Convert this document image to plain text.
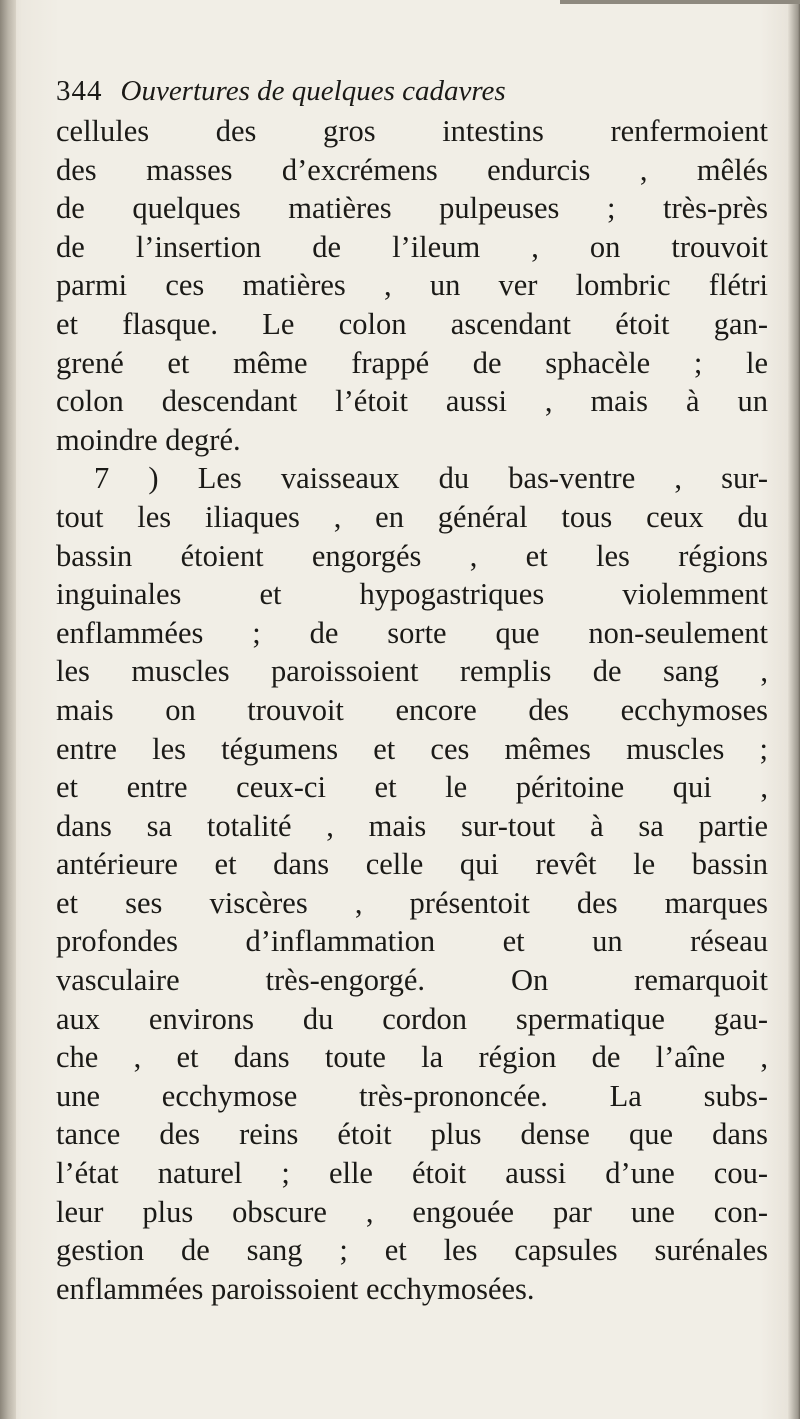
344 Ouvertures de quelques cadavres
cellules des gros intestins renfermoient
des masses d’excrémens endurcis , mêlés
de quelques matières pulpeuses ; très-près
de l’insertion de l’ileum , on trouvoit
parmi ces matières , un ver lombric flétri
et flasque. Le colon ascendant étoit gan-
grené et même frappé de sphacèle ; le
colon descendant l’étoit aussi , mais à un
moindre degré.
7 ) Les vaisseaux du bas-ventre , sur-
tout les iliaques , en général tous ceux du
bassin étoient engorgés , et les régions
inguinales et hypogastriques violemment
enflammées ; de sorte que non-seulement
les muscles paroissoient remplis de sang ,
mais on trouvoit encore des ecchymoses
entre les tégumens et ces mêmes muscles ;
et entre ceux-ci et le péritoine qui ,
dans sa totalité , mais sur-tout à sa partie
antérieure et dans celle qui revêt le bassin
et ses viscères , présentoit des marques
profondes d’inflammation et un réseau
vasculaire très-engorgé. On remarquoit
aux environs du cordon spermatique gau-
che , et dans toute la région de l’aîne ,
une ecchymose très-prononcée. La subs-
tance des reins étoit plus dense que dans
l’état naturel ; elle étoit aussi d’une cou-
leur plus obscure , engouée par une con-
gestion de sang ; et les capsules surénales
enflammées paroissoient ecchymosées.
